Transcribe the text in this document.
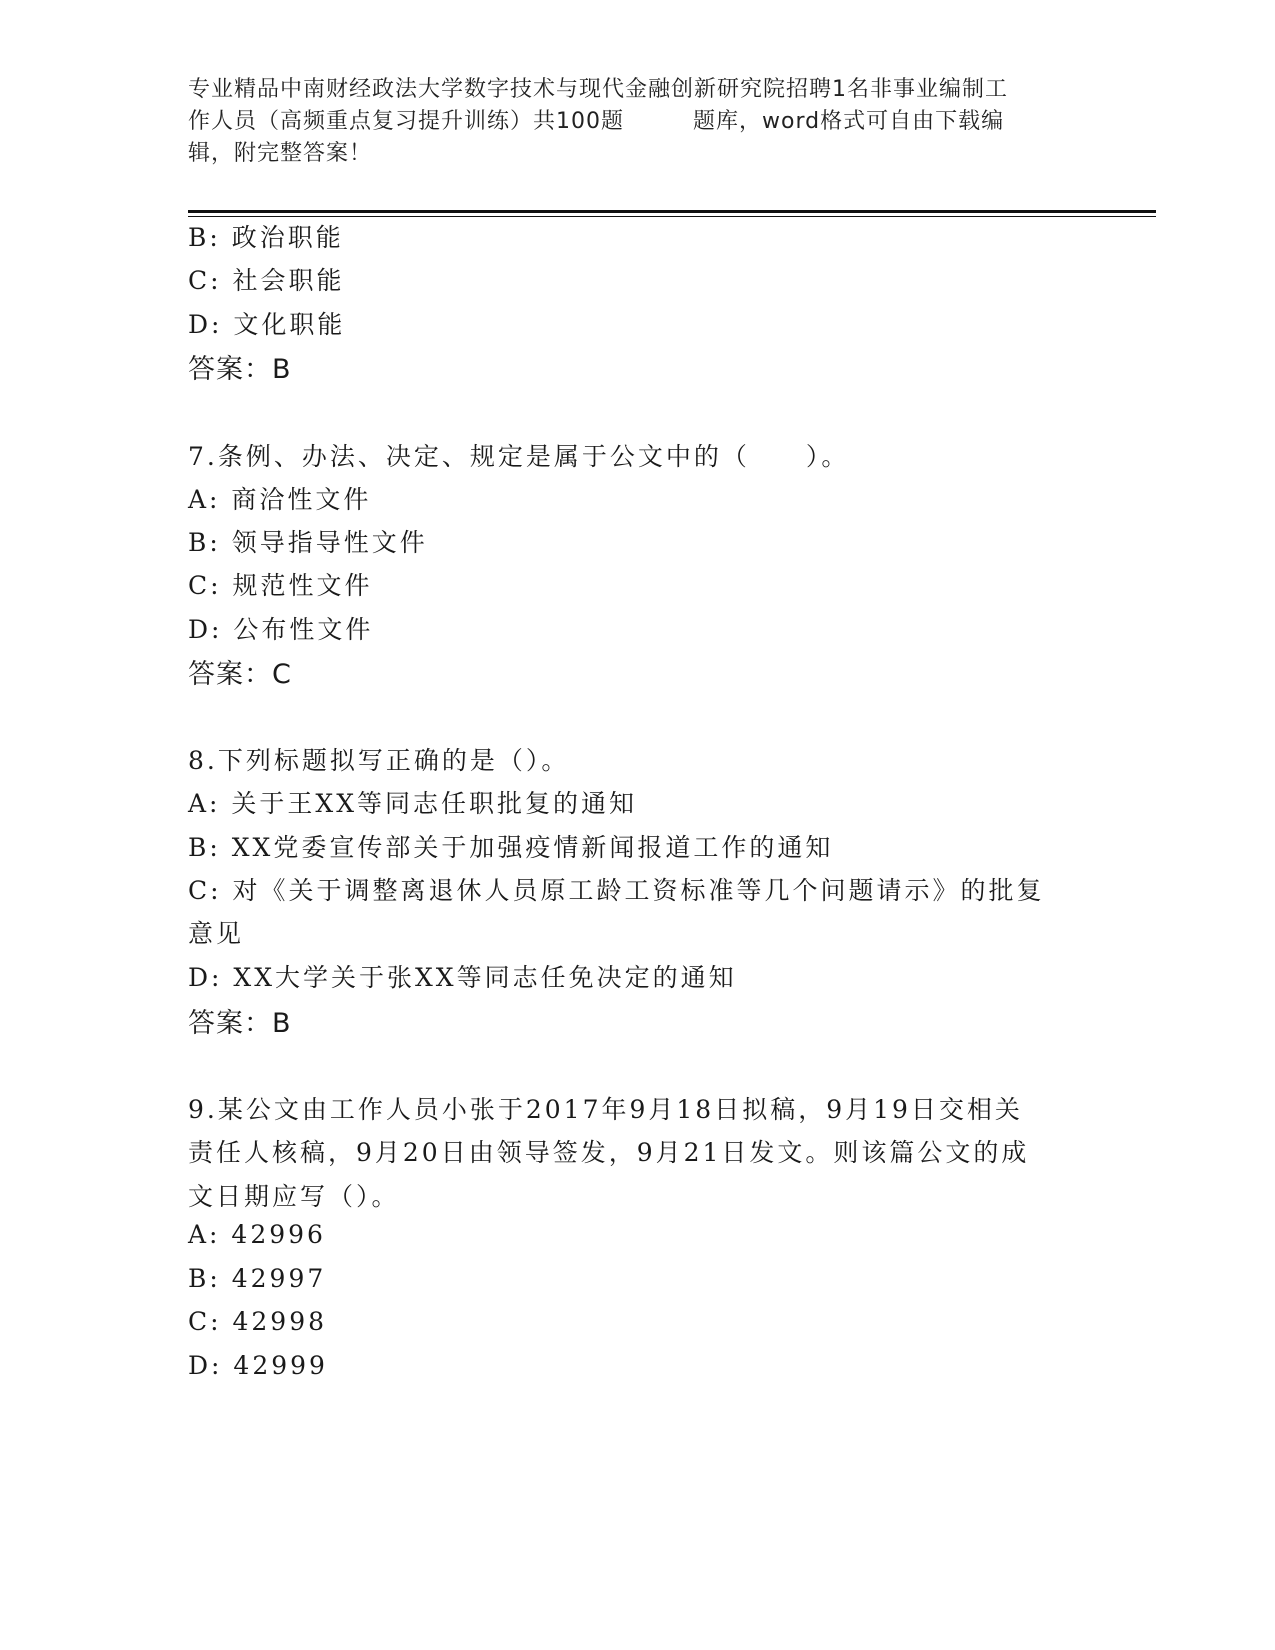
专业精品中南财经政法大学数字技术与现代金融创新研究院招聘1名非事业编制工
作人员（高频重点复习提升训练）共100题　　　题库，word格式可自由下载编
辑，附完整答案！
B: 政治职能
C: 社会职能
D: 文化职能
答案：B
7.条例、办法、决定、规定是属于公文中的（　　）。
A: 商洽性文件
B: 领导指导性文件
C: 规范性文件
D: 公布性文件
答案：C
8.下列标题拟写正确的是（）。
A: 关于王XX等同志任职批复的通知
B: XX党委宣传部关于加强疫情新闻报道工作的通知
C: 对《关于调整离退休人员原工龄工资标准等几个问题请示》的批复
意见
D: XX大学关于张XX等同志任免决定的通知
答案：B
9.某公文由工作人员小张于2017年9月18日拟稿，9月19日交相关
责任人核稿，9月20日由领导签发，9月21日发文。则该篇公文的成
文日期应写（）。
A: 42996
B: 42997
C: 42998
D: 42999
